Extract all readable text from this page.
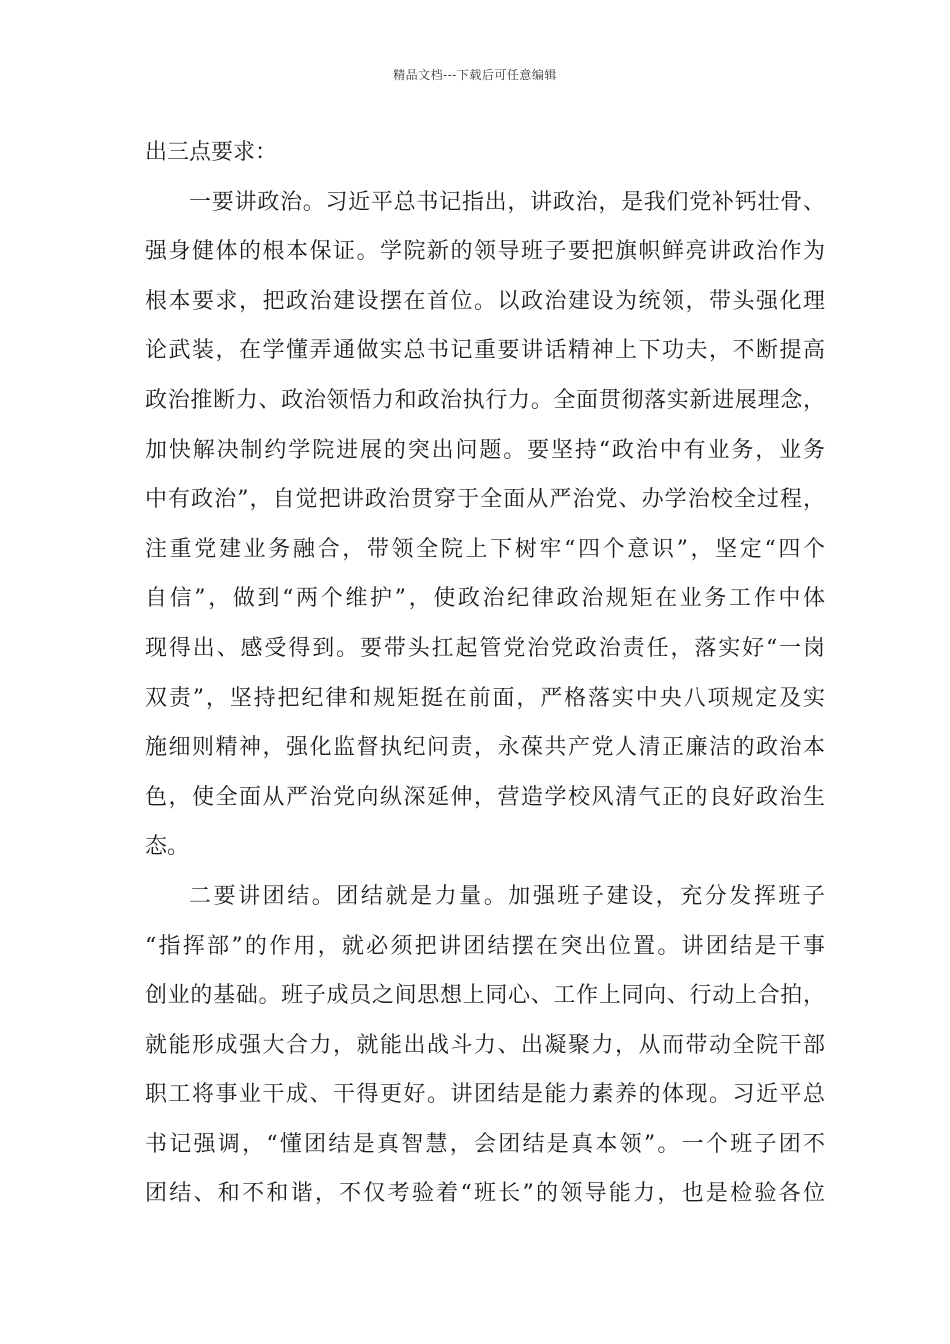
精品文档---下载后可任意编辑
出三点要求：
一要讲政治。习近平总书记指出，讲政治，是我们党补钙壮骨、
强身健体的根本保证。学院新的领导班子要把旗帜鲜亮讲政治作为
根本要求，把政治建设摆在首位。以政治建设为统领，带头强化理
论武装，在学懂弄通做实总书记重要讲话精神上下功夫，不断提高
政治推断力、政治领悟力和政治执行力。全面贯彻落实新进展理念，
加快解决制约学院进展的突出问题。要坚持“政治中有业务，业务
中有政治”，自觉把讲政治贯穿于全面从严治党、办学治校全过程，
注重党建业务融合，带领全院上下树牢“四个意识”，坚定“四个
自信”，做到“两个维护”，使政治纪律政治规矩在业务工作中体
现得出、感受得到。要带头扛起管党治党政治责任，落实好“一岗
双责”，坚持把纪律和规矩挺在前面，严格落实中央八项规定及实
施细则精神，强化监督执纪问责，永葆共产党人清正廉洁的政治本
色，使全面从严治党向纵深延伸，营造学校风清气正的良好政治生
态。
二要讲团结。团结就是力量。加强班子建设，充分发挥班子
“指挥部”的作用，就必须把讲团结摆在突出位置。讲团结是干事
创业的基础。班子成员之间思想上同心、工作上同向、行动上合拍，
就能形成强大合力，就能出战斗力、出凝聚力，从而带动全院干部
职工将事业干成、干得更好。讲团结是能力素养的体现。习近平总
书记强调，“懂团结是真智慧，会团结是真本领”。一个班子团不
团结、和不和谐，不仅考验着“班长”的领导能力，也是检验各位
